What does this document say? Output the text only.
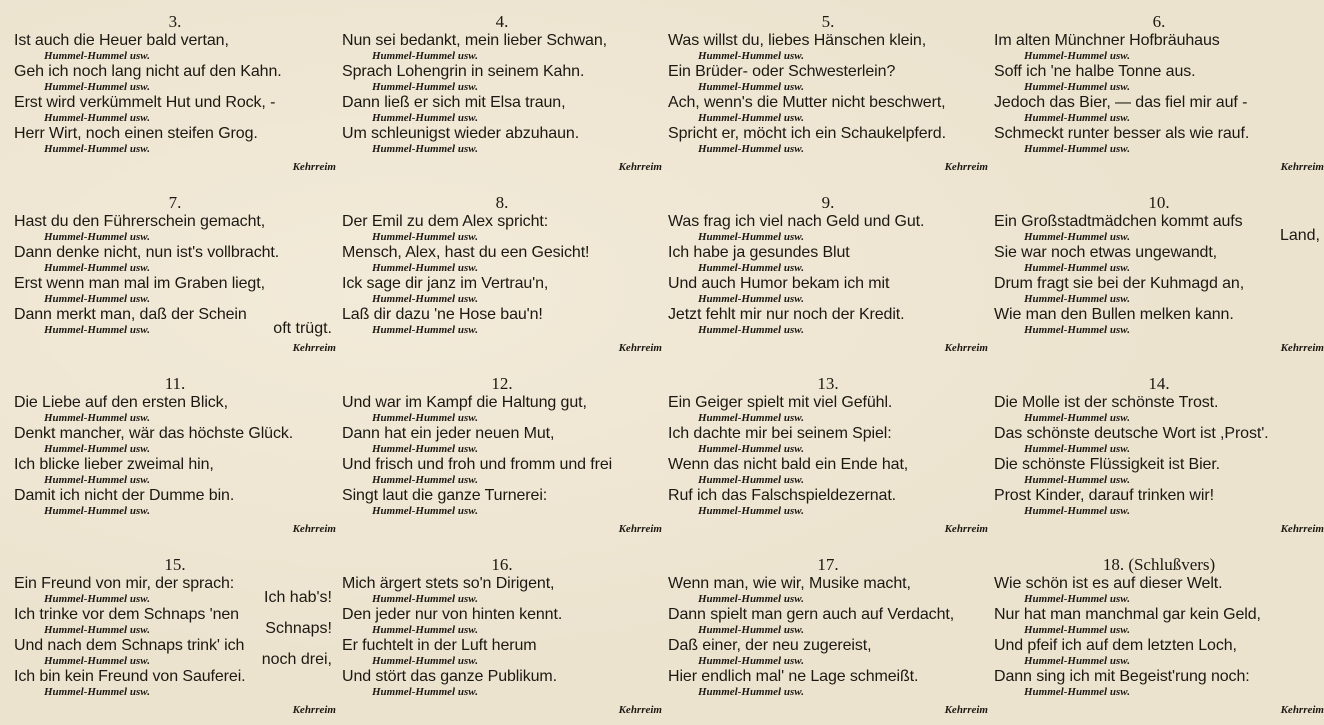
3.
Ist auch die Heuer bald vertan,
Hummel-Hummel usw.
Geh ich noch lang nicht auf den Kahn.
Hummel-Hummel usw.
Erst wird verkümmelt Hut und Rock, -
Hummel-Hummel usw.
Herr Wirt, noch einen steifen Grog.
Hummel-Hummel usw.
Kehrreim
7.
Hast du den Führerschein gemacht,
Hummel-Hummel usw.
Dann denke nicht, nun ist's vollbracht.
Hummel-Hummel usw.
Erst wenn man mal im Graben liegt,
Hummel-Hummel usw.
Dann merkt man, daß der Schein
Hummel-Hummel usw.	oft trügt.
Kehrreim
11.
Die Liebe auf den ersten Blick,
Hummel-Hummel usw.
Denkt mancher, wär das höchste Glück.
Hummel-Hummel usw.
Ich blicke lieber zweimal hin,
Hummel-Hummel usw.
Damit ich nicht der Dumme bin.
Hummel-Hummel usw.
Kehrreim
15.
Ein Freund von mir, der sprach:
Hummel-Hummel usw.	Ich hab's!
Ich trinke vor dem Schnaps 'nen
Hummel-Hummel usw.	Schnaps!
Und nach dem Schnaps trink' ich
Hummel-Hummel usw.	noch drei,
Ich bin kein Freund von Sauferei.
Hummel-Hummel usw.
Kehrreim
4.
Nun sei bedankt, mein lieber Schwan,
Hummel-Hummel usw.
Sprach Lohengrin in seinem Kahn.
Hummel-Hummel usw.
Dann ließ er sich mit Elsa traun,
Hummel-Hummel usw.
Um schleunigst wieder abzuhaun.
Hummel-Hummel usw.
Kehrreim
8.
Der Emil zu dem Alex spricht:
Hummel-Hummel usw.
Mensch, Alex, hast du een Gesicht!
Hummel-Hummel usw.
Ick sage dir janz im Vertrau'n,
Hummel-Hummel usw.
Laß dir dazu 'ne Hose bau'n!
Hummel-Hummel usw.
Kehrreim
12.
Und war im Kampf die Haltung gut,
Hummel-Hummel usw.
Dann hat ein jeder neuen Mut,
Hummel-Hummel usw.
Und frisch und froh und fromm und frei
Hummel-Hummel usw.
Singt laut die ganze Turnerei:
Hummel-Hummel usw.
Kehrreim
16.
Mich ärgert stets so'n Dirigent,
Hummel-Hummel usw.
Den jeder nur von hinten kennt.
Hummel-Hummel usw.
Er fuchtelt in der Luft herum
Hummel-Hummel usw.
Und stört das ganze Publikum.
Hummel-Hummel usw.
Kehrreim
5.
Was willst du, liebes Hänschen klein,
Hummel-Hummel usw.
Ein Brüder- oder Schwesterlein?
Hummel-Hummel usw.
Ach, wenn's die Mutter nicht beschwert,
Hummel-Hummel usw.
Spricht er, möcht ich ein Schaukelpferd.
Hummel-Hummel usw.
Kehrreim
9.
Was frag ich viel nach Geld und Gut.
Hummel-Hummel usw.
Ich habe ja gesundes Blut
Hummel-Hummel usw.
Und auch Humor bekam ich mit
Hummel-Hummel usw.
Jetzt fehlt mir nur noch der Kredit.
Hummel-Hummel usw.
Kehrreim
13.
Ein Geiger spielt mit viel Gefühl.
Hummel-Hummel usw.
Ich dachte mir bei seinem Spiel:
Hummel-Hummel usw.
Wenn das nicht bald ein Ende hat,
Hummel-Hummel usw.
Ruf ich das Falschspieldezernat.
Hummel-Hummel usw.
Kehrreim
17.
Wenn man, wie wir, Musike macht,
Hummel-Hummel usw.
Dann spielt man gern auch auf Verdacht,
Hummel-Hummel usw.
Daß einer, der neu zugereist,
Hummel-Hummel usw.
Hier endlich mal' ne Lage schmeißt.
Hummel-Hummel usw.
Kehrreim
6.
Im alten Münchner Hofbräuhaus
Hummel-Hummel usw.
Soff ich 'ne halbe Tonne aus.
Hummel-Hummel usw.
Jedoch das Bier, — das fiel mir auf -
Hummel-Hummel usw.
Schmeckt runter besser als wie rauf.
Hummel-Hummel usw.
Kehrreim
10.
Ein Großstadtmädchen kommt aufs
Hummel-Hummel usw.	Land,
Sie war noch etwas ungewandt,
Hummel-Hummel usw.
Drum fragt sie bei der Kuhmagd an,
Hummel-Hummel usw.
Wie man den Bullen melken kann.
Hummel-Hummel usw.
Kehrreim
14.
Die Molle ist der schönste Trost.
Hummel-Hummel usw.
Das schönste deutsche Wort ist ,Prost'.
Hummel-Hummel usw.
Die schönste Flüssigkeit ist Bier.
Hummel-Hummel usw.
Prost Kinder, darauf trinken wir!
Hummel-Hummel usw.
Kehrreim
18. (Schlußvers)
Wie schön ist es auf dieser Welt.
Hummel-Hummel usw.
Nur hat man manchmal gar kein Geld,
Hummel-Hummel usw.
Und pfeif ich auf dem letzten Loch,
Hummel-Hummel usw.
Dann sing ich mit Begeist'rung noch:
Hummel-Hummel usw.
Kehrreim
